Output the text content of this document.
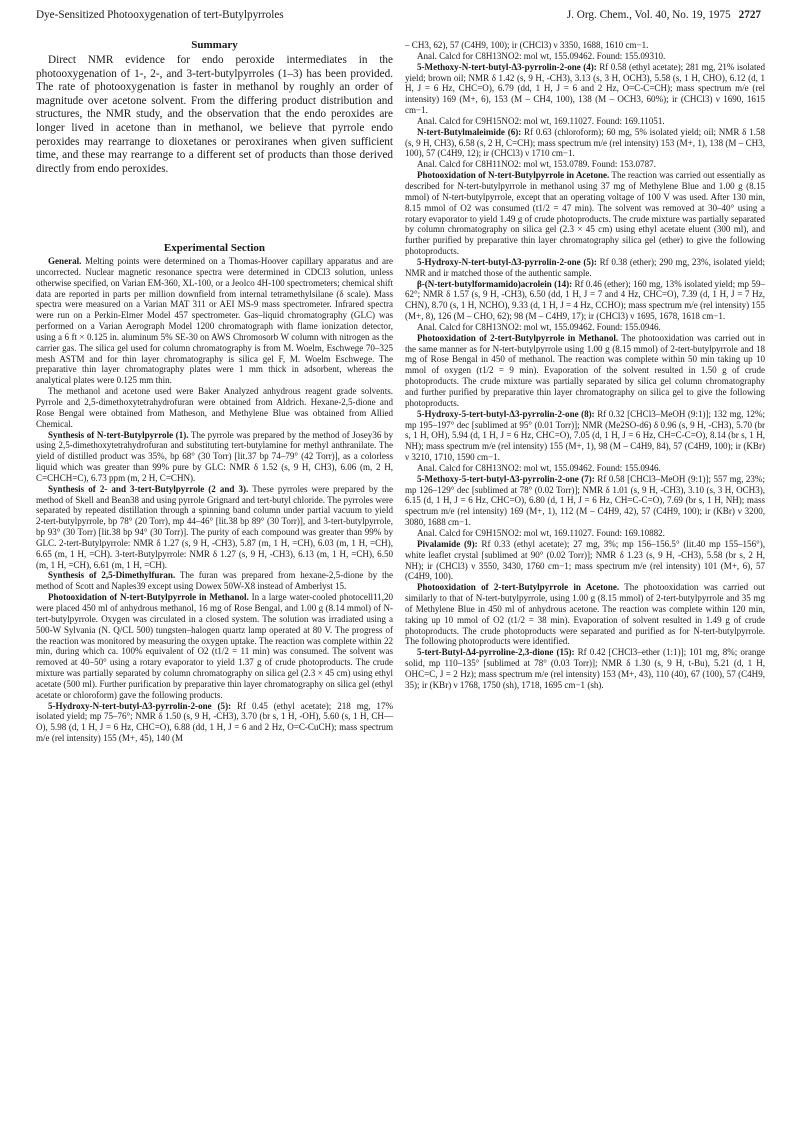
Dye-Sensitized Photooxygenation of tert-Butylpyrroles	J. Org. Chem., Vol. 40, No. 19, 1975 2727
Summary

Direct NMR evidence for endo peroxide intermediates in the photooxygenation of 1-, 2-, and 3-tert-butylpyrroles (1–3) has been provided. The rate of photooxygenation is faster in methanol by roughly an order of magnitude over acetone solvent. From the differing product distribution and structures, the NMR study, and the observation that the endo peroxides are longer lived in acetone than in methanol, we believe that pyrrole endo peroxides may rearrange to dioxetanes or peroxiranes when given sufficient time, and these may rearrange to a different set of products than those derived directly from endo peroxides.

Experimental Section

General. Melting points were determined on a Thomas-Hoover capillary apparatus and are uncorrected. Nuclear magnetic resonance spectra were determined in CDCl3 solution, unless otherwise specified, on Varian EM-360, XL-100, or a Jeolco 4H-100 spectrometers; chemical shift data are reported in parts per million downfield from internal tetramethylsilane (δ scale). Mass spectra were measured on a Varian MAT 311 or AEI MS-9 mass spectrometer. Infrared spectra were run on a Perkin-Elmer Model 457 spectrometer. Gas–liquid chromatography (GLC) was performed on a Varian Aerograph Model 1200 chromatograph with flame ionization detector, using a 6 ft × 0.125 in. aluminum 5% SE-30 on AWS Chromosorb W column with nitrogen as the carrier gas. The silica gel used for column chromatography is from M. Woelm, Eschwege 70–325 mesh ASTM and for thin layer chromatography is silica gel F, M. Woelm Eschwege. The preparative thin layer chromatography plates were 1 mm thick in adsorbent, whereas the analytical plates were 0.125 mm thin.

The methanol and acetone used were Baker Analyzed anhydrous reagent grade solvents. Pyrrole and 2,5-dimethoxytetrahydrofuran were obtained from Aldrich. Hexane-2,5-dione and Rose Bengal were obtained from Matheson, and Methylene Blue was obtained from Allied Chemical.

Synthesis of N-tert-Butylpyrrole (1). The pyrrole was prepared by the method of Josey36 by using 2,5-dimethoxytetrahydrofuran and substituting tert-butylamine for methyl anthranilate. The yield of distilled product was 35%, bp 68° (30 Torr) [lit.37 bp 74–79° (42 Torr)], as a colorless liquid which was greater than 99% pure by GLC: NMR δ 1.52 (s, 9 H, CH3), 6.06 (m, 2 H, C=CHCH=C), 6.73 ppm (m, 2 H, C=CHN).

Synthesis of 2- and 3-tert-Butylpyrrole (2 and 3). These pyrroles were prepared by the method of Skell and Bean38 and using pyrrole Grignard and tert-butyl chloride. The pyrroles were separated by repeated distillation through a spinning band column under partial vacuum to yield 2-tert-butylpyrrole, bp 78° (20 Torr), mp 44–46° [lit.38 bp 89° (30 Torr)], and 3-tert-butylpyrrole, bp 93° (30 Torr) [lit.38 bp 94° (30 Torr)]. The purity of each compound was greater than 99% by GLC. 2-tert-Butylpyrrole: NMR δ 1.27 (s, 9 H, -CH3), 5.87 (m, 1 H, =CH), 6.03 (m, 1 H, =CH), 6.65 (m, 1 H, =CH). 3-tert-Butylpyrrole: NMR δ 1.27 (s, 9 H, -CH3), 6.13 (m, 1 H, =CH), 6.50 (m, 1 H, =CH), 6.61 (m, 1 H, =CH).

Synthesis of 2,5-Dimethylfuran. The furan was prepared from hexane-2,5-dione by the method of Scott and Naples39 except using Dowex 50W-X8 instead of Amberlyst 15.

Photooxidation of N-tert-Butylpyrrole in Methanol. In a large water-cooled photocell11,20 were placed 450 ml of anhydrous methanol, 16 mg of Rose Bengal, and 1.00 g (8.14 mmol) of N-tert-butylpyrrole. Oxygen was circulated in a closed system. The solution was irradiated using a 500-W Sylvania (N. Q/CL 500) tungsten–halogen quartz lamp operated at 80 V. The progress of the reaction was monitored by measuring the oxygen uptake. The reaction was complete within 22 min, during which ca. 100% equivalent of O2 (t1/2 = 11 min) was consumed. The solvent was removed at 40–50° using a rotary evaporator to yield 1.37 g of crude photoproducts. The crude mixture was partially separated by column chromatography on silica gel (2.3 × 45 cm) using ethyl acetate (500 ml). Further purification by preparative thin layer chromatography on silica gel (ethyl acetate or chloroform) gave the following products.

5-Hydroxy-N-tert-butyl-Δ3-pyrrolin-2-one (5): Rf 0.45 (ethyl acetate); 218 mg, 17% isolated yield; mp 75–76°; NMR δ 1.50 (s, 9 H, -CH3), 3.70 (br s, 1 H, -OH), 5.60 (s, 1 H, CH—O), 5.98 (d, 1 H, J = 6 Hz, CHC=O), 6.88 (dd, 1 H, J = 6 and 2 Hz, O=C-CuCH); mass spectrum m/e (rel intensity) 155 (M+, 45), 140 (M

– CH3, 62), 57 (C4H9, 100); ir (CHCl3) ν 3350, 1688, 1610 cm−1.

Anal. Calcd for C8H13NO2: mol wt, 155.09462. Found: 155.09310.

5-Methoxy-N-tert-butyl-Δ3-pyrrolin-2-one (4): Rf 0.58 (ethyl acetate); 281 mg, 21% isolated yield; brown oil; NMR δ 1.42 (s, 9 H, -CH3), 3.13 (s, 3 H, OCH3), 5.58 (s, 1 H, CHO), 6.12 (d, 1 H, J = 6 Hz, CHC=O), 6.79 (dd, 1 H, J = 6 and 2 Hz, O=C-C=CH); mass spectrum m/e (rel intensity) 169 (M+, 6), 153 (M – CH4, 100), 138 (M – OCH3, 60%); ir (CHCl3) ν 1690, 1615 cm−1.

Anal. Calcd for C9H15NO2: mol wt, 169.11027. Found: 169.11051.

N-tert-Butylmaleimide (6): Rf 0.63 (chloroform); 60 mg, 5% isolated yield; oil; NMR δ 1.58 (s, 9 H, CH3), 6.58 (s, 2 H, C=CH); mass spectrum m/e (rel intensity) 153 (M+, 1), 138 (M – CH3, 100), 57 (C4H9, 12); ir (CHCl3) ν 1710 cm−1.

Anal. Calcd for C8H11NO2: mol wt, 153.0789. Found: 153.0787.

Photooxidation of N-tert-Butylpyrrole in Acetone. The reaction was carried out essentially as described for N-tert-butylpyrrole in methanol using 37 mg of Methylene Blue and 1.00 g (8.15 mmol) of N-tert-butylpyrrole, except that an operating voltage of 100 V was used. After 130 min, 8.15 mmol of O2 was consumed (t1/2 = 47 min). The solvent was removed at 30–40° using a rotary evaporator to yield 1.49 g of crude photoproducts. The crude mixture was partially separated by column chromatography on silica gel (2.3 × 45 cm) using ethyl acetate eluent (300 ml), and further purified by preparative thin layer chromatography silica gel (ether) to give the following photoproducts.

5-Hydroxy-N-tert-butyl-Δ3-pyrrolin-2-one (5): Rf 0.38 (ether); 290 mg, 23%, isolated yield; NMR and ir matched those of the authentic sample.

β-(N-tert-butylformamido)acrolein (14): Rf 0.46 (ether); 160 mg, 13% isolated yield; mp 59–62°; NMR δ 1.57 (s, 9 H, -CH3), 6.50 (dd, 1 H, J = 7 and 4 Hz, CHC=O), 7.39 (d, 1 H, J = 7 Hz, CHN), 8.70 (s, 1 H, NCHO), 9.33 (d, 1 H, J = 4 Hz, CCHO); mass spectrum m/e (rel intensity) 155 (M+, 8), 126 (M – CHO, 62); 98 (M – C4H9, 17); ir (CHCl3) ν 1695, 1678, 1618 cm−1.

Anal. Calcd for C8H13NO2: mol wt, 155.09462. Found: 155.0946.

Photooxidation of 2-tert-Butylpyrrole in Methanol. The photooxidation was carried out in the same manner as for N-tert-butylpyrrole using 1.00 g (8.15 mmol) of 2-tert-butylpyrrole and 18 mg of Rose Bengal in 450 of methanol. The reaction was complete within 50 min taking up 10 mmol of oxygen (t1/2 = 9 min). Evaporation of the solvent resulted in 1.50 g of crude photoproducts. The crude mixture was partially separated by silica gel column chromatography and further purified by preparative thin layer chromatography on silica gel to give the following photoproducts.

5-Hydroxy-5-tert-butyl-Δ3-pyrrolin-2-one (8): Rf 0.32 [CHCl3–MeOH (9:1)]; 132 mg, 12%; mp 195–197° dec [sublimed at 95° (0.01 Torr)]; NMR (Me2SO-d6) δ 0.96 (s, 9 H, -CH3), 5.70 (br s, 1 H, OH), 5.94 (d, 1 H, J = 6 Hz, CHC=O), 7.05 (d, 1 H, J = 6 Hz, CH=C-C=O), 8.14 (br s, 1 H, NH); mass spectrum m/e (rel intensity) 155 (M+, 1), 98 (M – C4H9, 84), 57 (C4H9, 100); ir (KBr) ν 3210, 1710, 1590 cm−1.

Anal. Calcd for C8H13NO2: mol wt, 155.09462. Found: 155.0946.

5-Methoxy-5-tert-butyl-Δ3-pyrrolin-2-one (7): Rf 0.58 [CHCl3–MeOH (9:1)]; 557 mg, 23%; mp 126–129° dec [sublimed at 78° (0.02 Torr)]; NMR δ 1.01 (s, 9 H, -CH3), 3.10 (s, 3 H, OCH3), 6.15 (d, 1 H, J = 6 Hz, CHC=O), 6.80 (d, 1 H, J = 6 Hz, CH=C-C=O), 7.69 (br s, 1 H, NH); mass spectrum m/e (rel intensity) 169 (M+, 1), 112 (M – C4H9, 42), 57 (C4H9, 100); ir (KBr) ν 3200, 3080, 1688 cm−1.

Anal. Calcd for C9H15NO2: mol wt, 169.11027. Found: 169.10882.

Pivalamide (9): Rf 0.33 (ethyl acetate); 27 mg, 3%; mp 156–156.5° (lit.40 mp 155–156°), white leaflet crystal [sublimed at 90° (0.02 Torr)]; NMR δ 1.23 (s, 9 H, -CH3), 5.58 (br s, 2 H, NH); ir (CHCl3) ν 3550, 3430, 1760 cm−1; mass spectrum m/e (rel intensity) 101 (M+, 6), 57 (C4H9, 100).

Photooxidation of 2-tert-Butylpyrrole in Acetone. The photooxidation was carried out similarly to that of N-tert-butylpyrrole, using 1.00 g (8.15 mmol) of 2-tert-butylpyrrole and 35 mg of Methylene Blue in 450 ml of anhydrous acetone. The reaction was complete within 120 min, taking up 10 mmol of O2 (t1/2 = 38 min). Evaporation of solvent resulted in 1.49 g of crude photoproducts. The crude photoproducts were separated and purified as for N-tert-butylpyrrole. The following photoproducts were identified.

5-tert-Butyl-Δ4-pyrroline-2,3-dione (15): Rf 0.42 [CHCl3–ether (1:1)]; 101 mg, 8%; orange solid, mp 110–135° [sublimed at 78° (0.03 Torr)]; NMR δ 1.30 (s, 9 H, t-Bu), 5.21 (d, 1 H, OHC=C, J = 2 Hz); mass spectrum m/e (rel intensity) 153 (M+, 43), 110 (40), 67 (100), 57 (C4H9, 35); ir (KBr) ν 1768, 1750 (sh), 1718, 1695 cm−1 (sh).
